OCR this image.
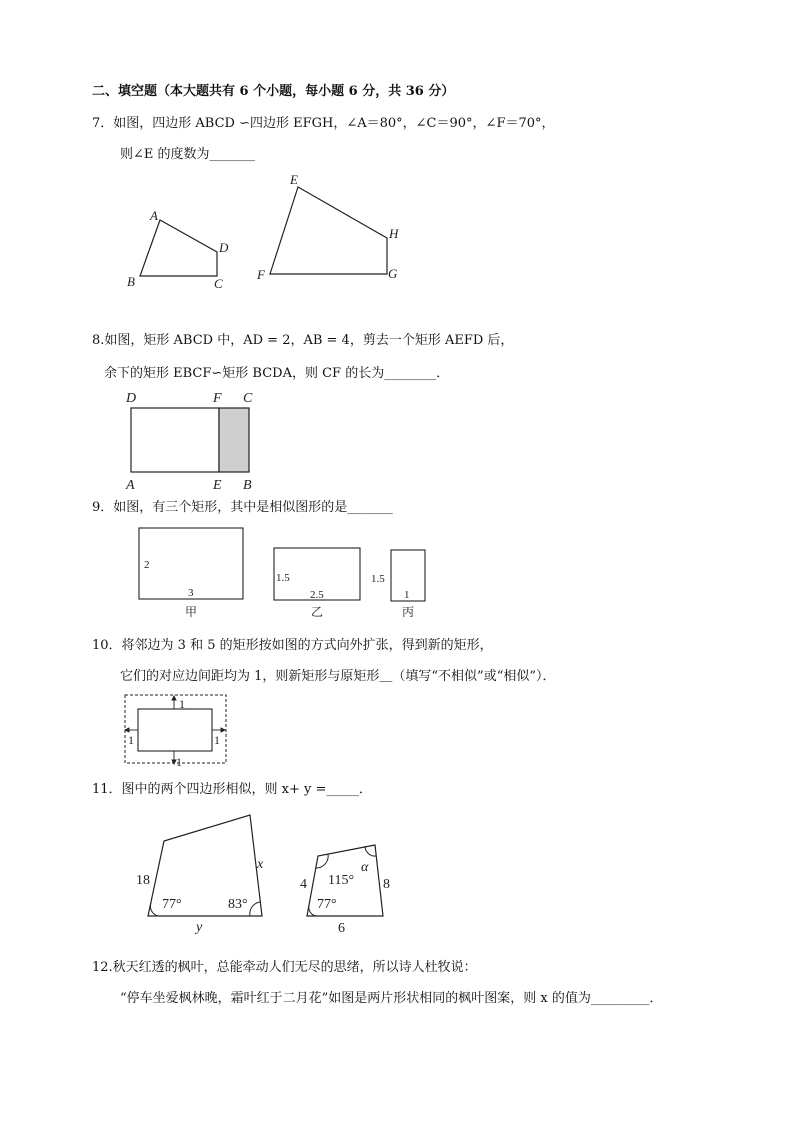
二、填空题（本大题共有 6 个小题，每小题 6 分，共 36 分）
7．如图，四边形 ABCD ∽四边形 EFGH，∠A＝80°，∠C＝90°，∠F＝70°，
则∠E 的度数为_______
A
B	C
D
E
F	G
H
D	F C
A	E B
2
3
1.5
2.5
1.5
1
甲	乙	丙
1
1	1
1
18
x
y
77°	83°
4	8
6
115°
α
77°
8.如图，矩形 ABCD 中，AD = 2，AB = 4，剪去一个矩形 AEFD 后，
余下的矩形 EBCF∽矩形 BCDA，则 CF 的长为________．
9．如图，有三个矩形，其中是相似图形的是_______
10．将邻边为 3 和 5 的矩形按如图的方式向外扩张，得到新的矩形，
它们的对应边间距均为 1，则新矩形与原矩形＿（填写“不相似”或“相似”）．
11．图中的两个四边形相似，则 x+ y =_____．
12.秋天红透的枫叶，总能牵动人们无尽的思绪，所以诗人杜牧说：
“停车坐爱枫林晚，霜叶红于二月花”如图是两片形状相同的枫叶图案，则 x 的值为_________．
